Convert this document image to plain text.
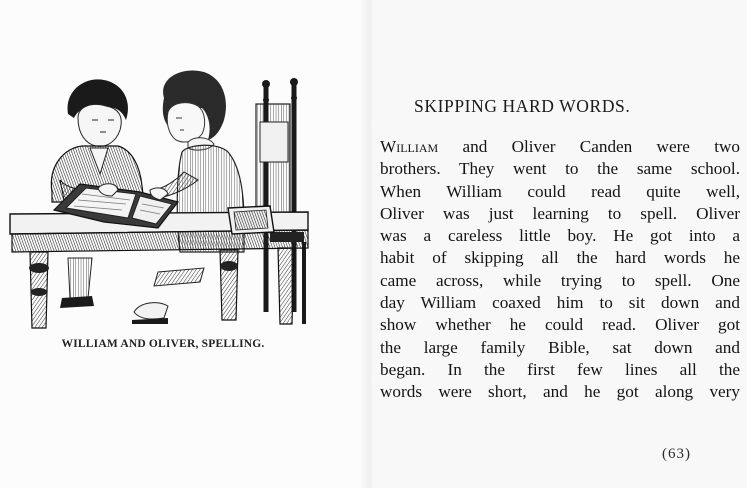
WILLIAM AND OLIVER, SPELLING.
SKIPPING HARD WORDS.
William and Oliver Canden were two
brothers. They went to the same school.
When William could read quite well,
Oliver was just learning to spell. Oliver
was a careless little boy. He got into a
habit of skipping all the hard words he
came across, while trying to spell. One
day William coaxed him to sit down and
show whether he could read. Oliver got
the large family Bible, sat down and
began. In the first few lines all the
words were short, and he got along very
(63)
